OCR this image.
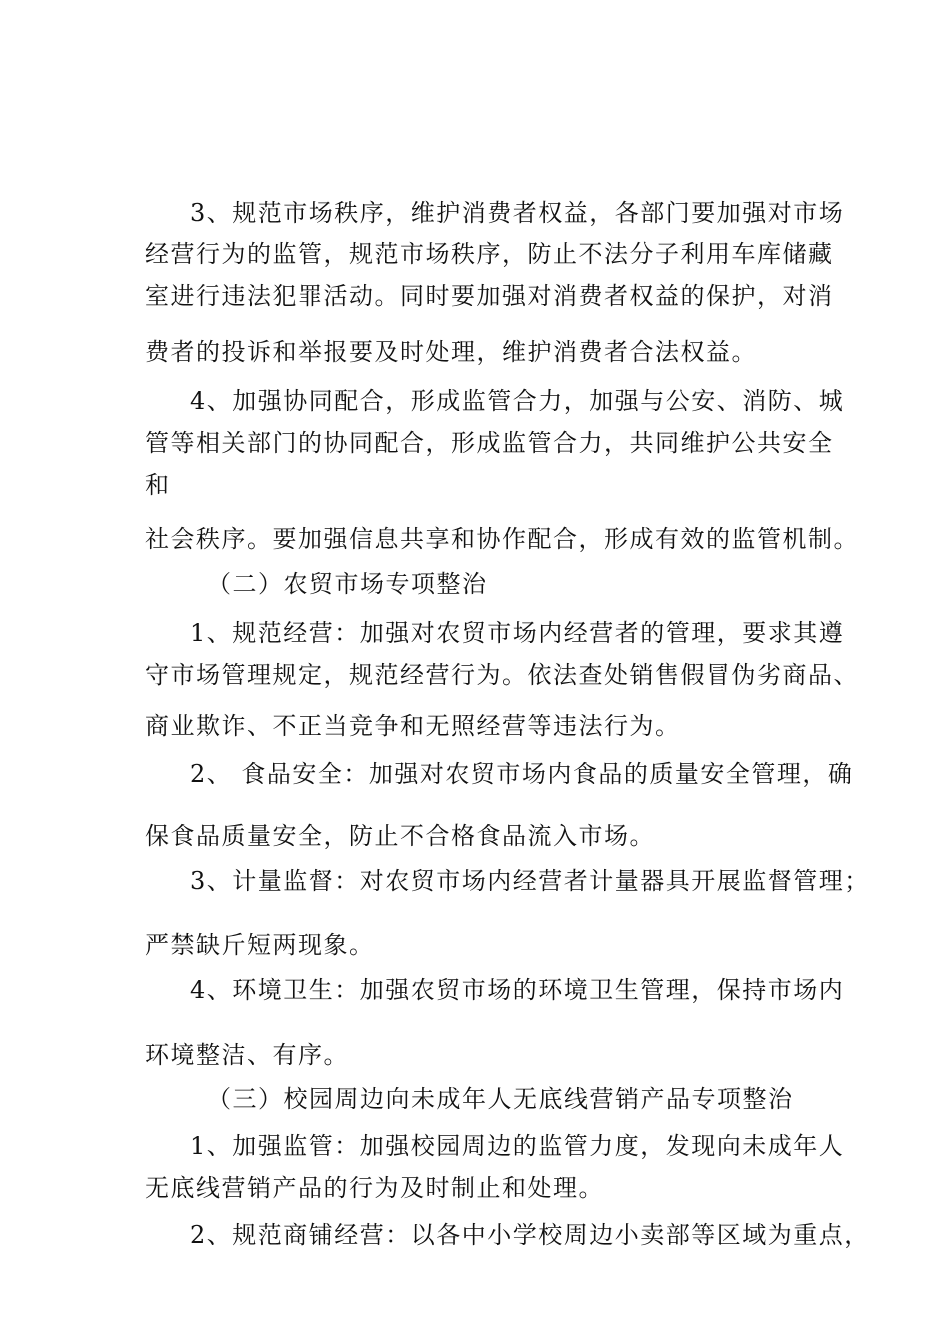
3、规范市场秩序，维护消费者权益，各部门要加强对市场
经营行为的监管，规范市场秩序，防止不法分子利用车库储藏
室进行违法犯罪活动。同时要加强对消费者权益的保护，对消
费者的投诉和举报要及时处理，维护消费者合法权益。
4、加强协同配合，形成监管合力，加强与公安、消防、城
管等相关部门的协同配合，形成监管合力，共同维护公共安全
和
社会秩序。要加强信息共享和协作配合，形成有效的监管机制。
（二）农贸市场专项整治
1、规范经营：加强对农贸市场内经营者的管理，要求其遵
守市场管理规定，规范经营行为。依法查处销售假冒伪劣商品、
商业欺诈、不正当竞争和无照经营等违法行为。
2、 食品安全：加强对农贸市场内食品的质量安全管理，确
保食品质量安全，防止不合格食品流入市场。
3、计量监督：对农贸市场内经营者计量器具开展监督管理；
严禁缺斤短两现象。
4、环境卫生：加强农贸市场的环境卫生管理，保持市场内
环境整洁、有序。
（三）校园周边向未成年人无底线营销产品专项整治
1、加强监管：加强校园周边的监管力度，发现向未成年人
无底线营销产品的行为及时制止和处理。
2、规范商铺经营：以各中小学校周边小卖部等区域为重点，
